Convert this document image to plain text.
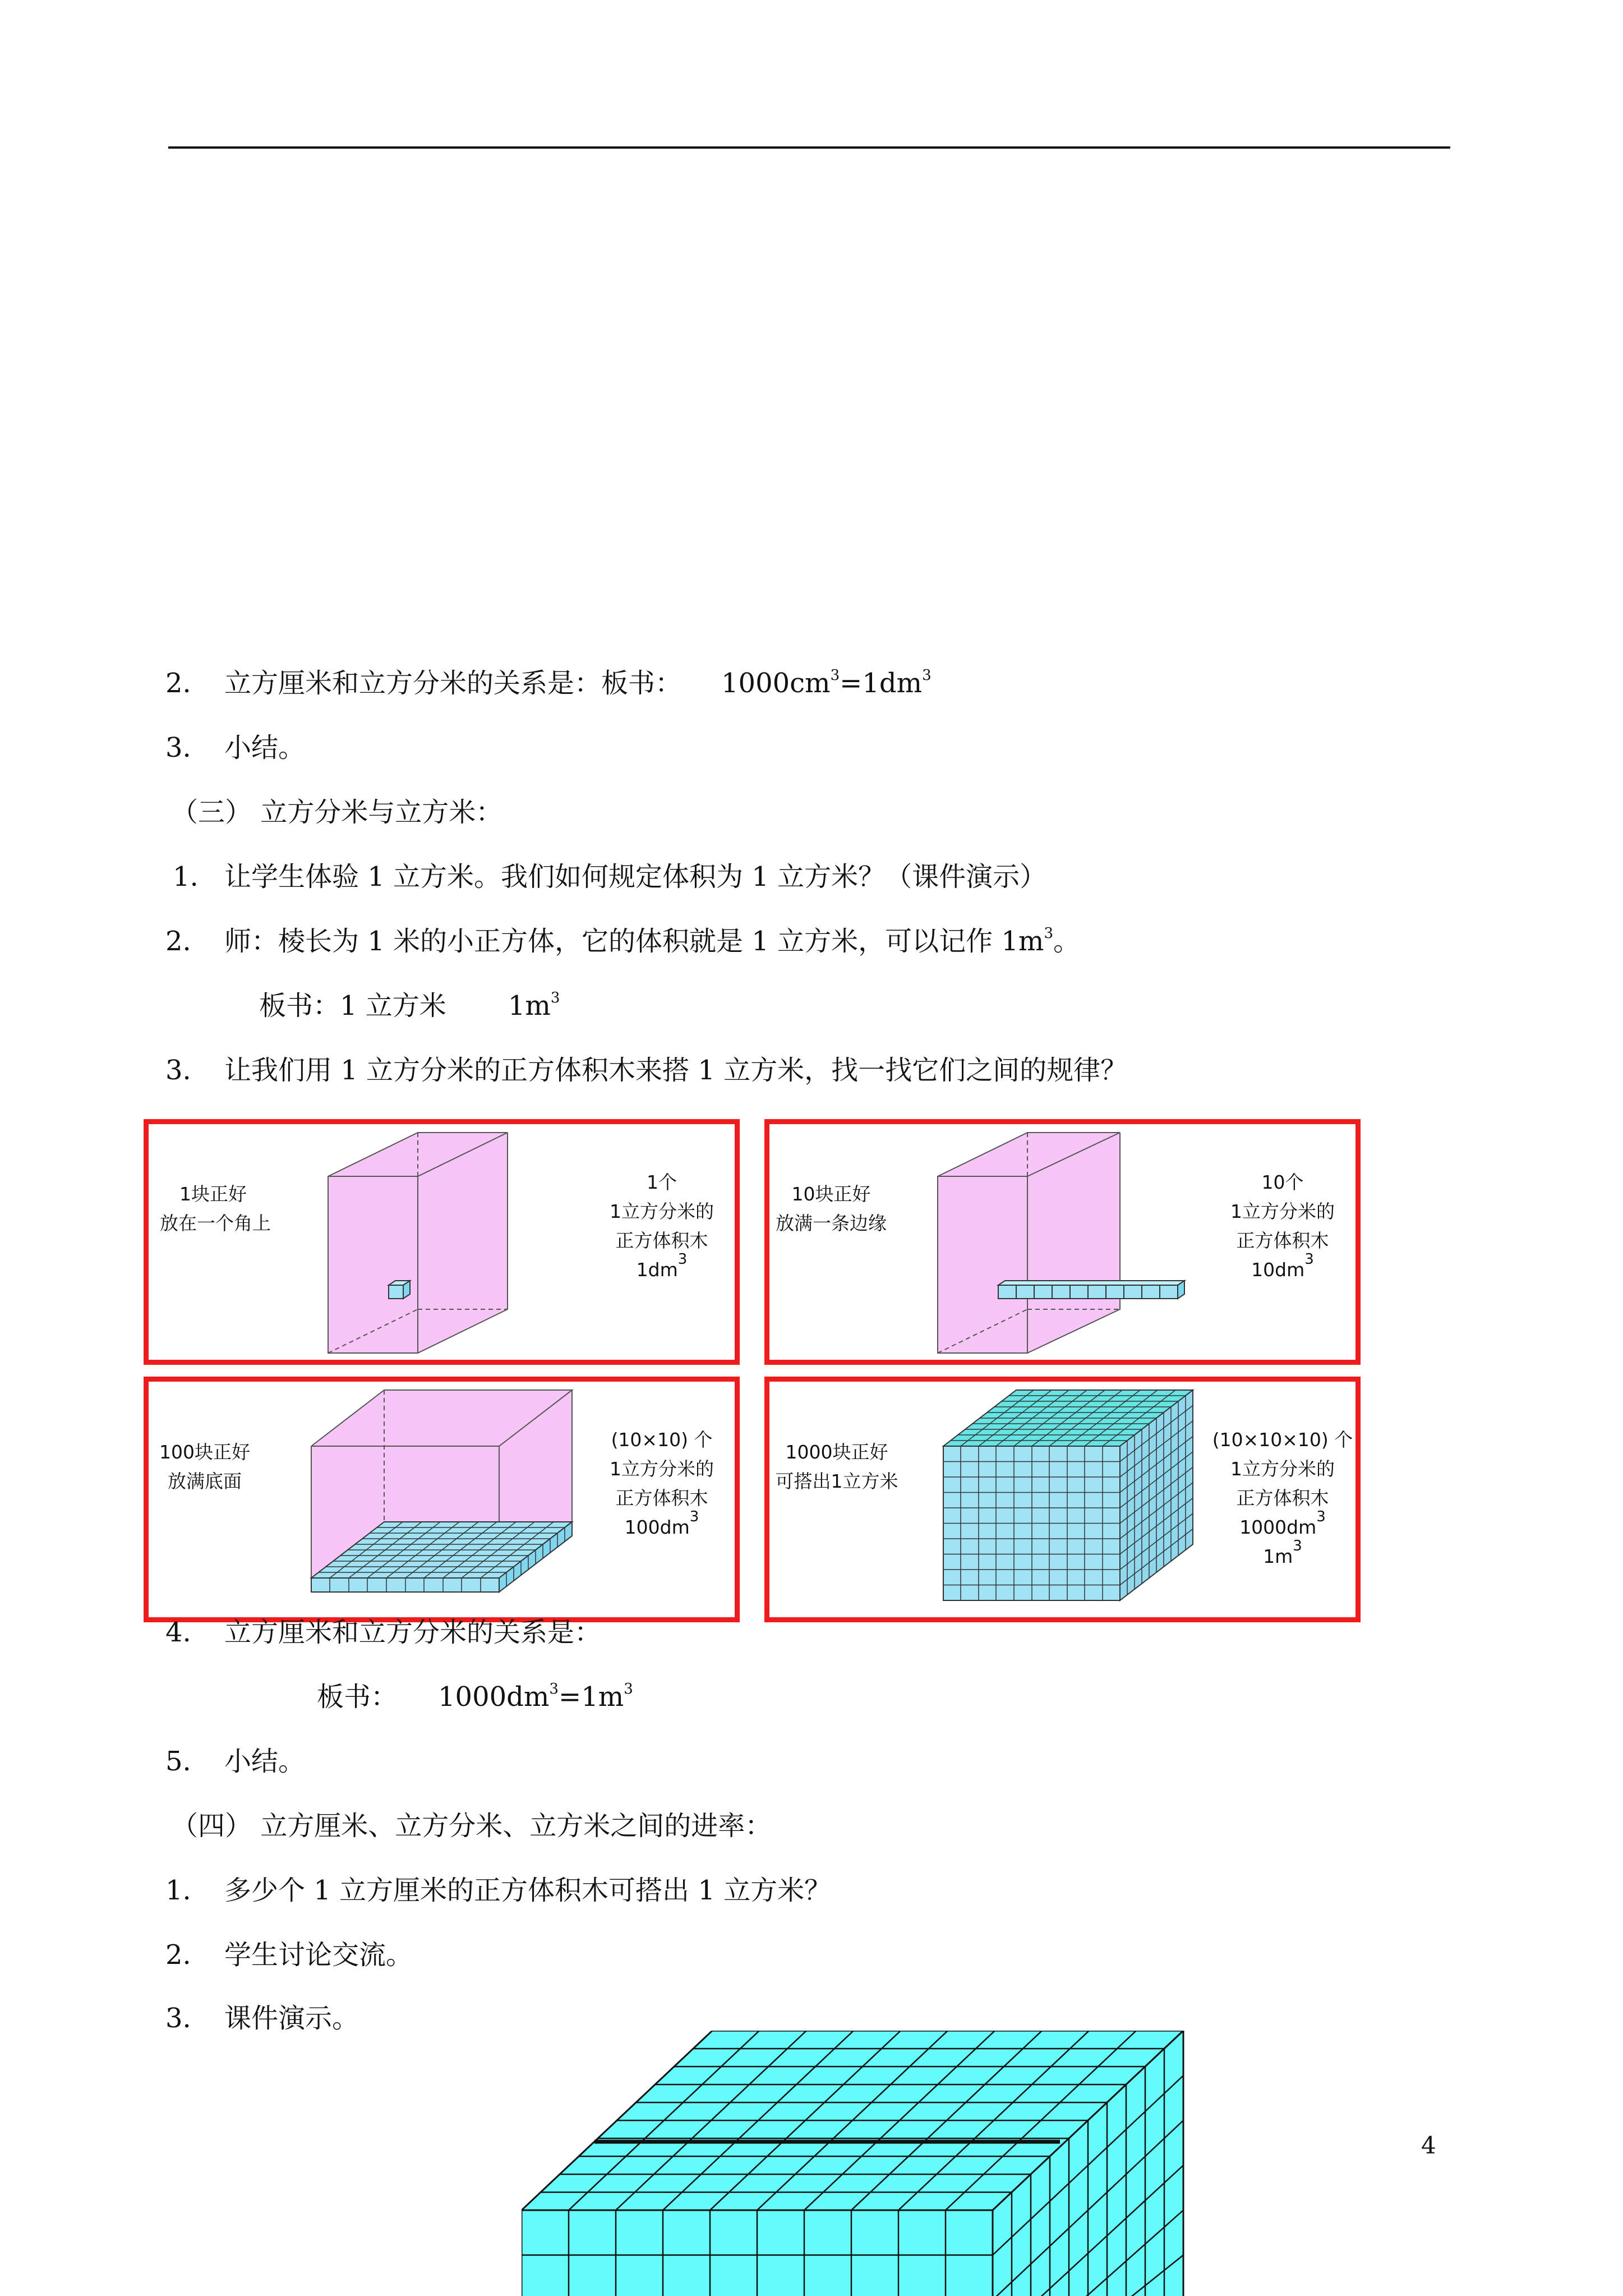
2. 立方厘米和立方分米的关系是：板书： $1000cm^3=1dm^3$
3. 小结。
（三） 立方分米与立方米：
1. 让学生体验 1 立方米。我们如何规定体积为 1 立方米？（课件演示）
2. 师：棱长为 1 米的小正方体，它的体积就是 1 立方米，可以记作 $1m^3$。
板书：1 立方米 $1m^3$
3. 让我们用 1 立方分米的正方体积木来搭 1 立方米，找一找它们之间的规律？
1块正好
放在一个角上
1个
1立方分米的
正方体积木
$1dm^3$
10块正好
放满一条边缘
10个
1立方分米的
正方体积木
$10dm^3$
100块正好
放满底面
(10×10) 个
1立方分米的
正方体积木
$100dm^3$
1000块正好
可搭出1立方米
(10×10×10) 个
1立方分米的
正方体积木
$1000dm^3$
$1m^3$
4. 立方厘米和立方分米的关系是：
板书： $1000dm^3=1m^3$
5. 小结。
（四） 立方厘米、立方分米、立方米之间的进率：
1. 多少个 1 立方厘米的正方体积木可搭出 1 立方米？
2. 学生讨论交流。
3. 课件演示。
4
